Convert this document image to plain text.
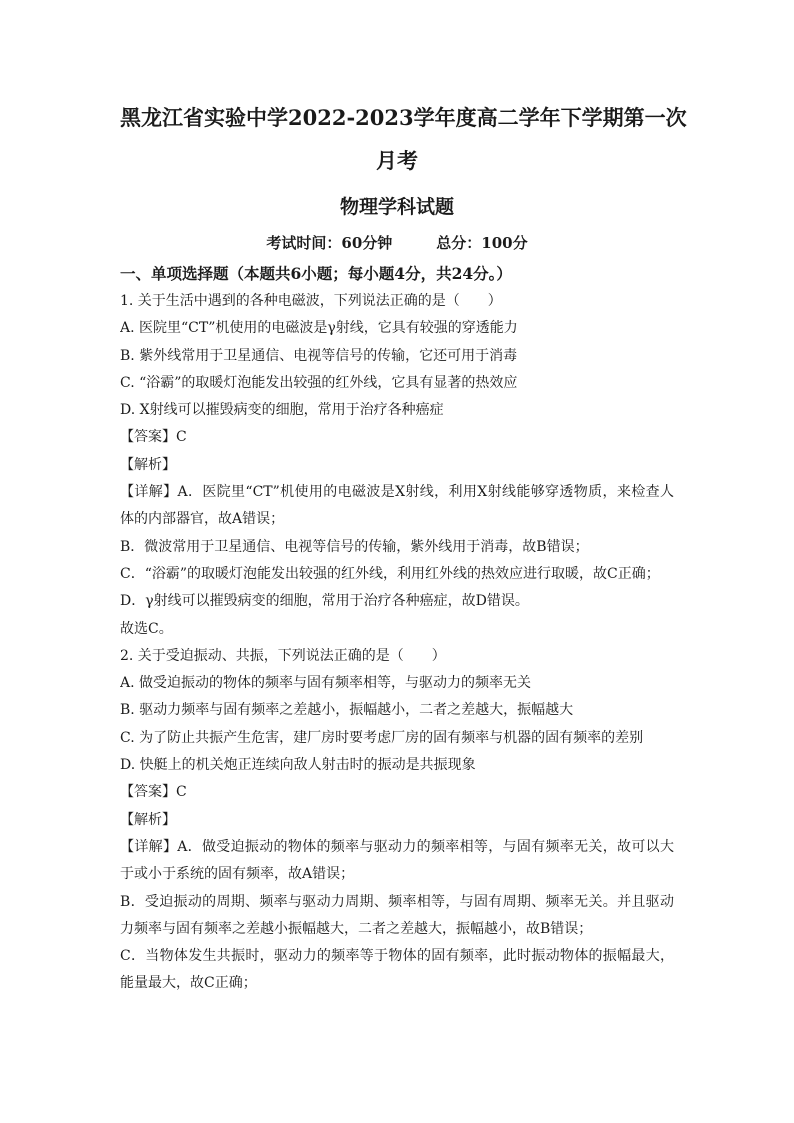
黑龙江省实验中学2022-2023学年度高二学年下学期第一次

月考

物理学科试题

考试时间：60分钟	总分：100分

一、单项选择题（本题共6小题；每小题4分，共24分。）

1. 关于生活中遇到的各种电磁波，下列说法正确的是（　　）

A. 医院里“CT”机使用的电磁波是γ射线，它具有较强的穿透能力

B. 紫外线常用于卫星通信、电视等信号的传输，它还可用于消毒

C. “浴霸”的取暖灯泡能发出较强的红外线，它具有显著的热效应

D. X射线可以摧毁病变的细胞，常用于治疗各种癌症

【答案】C

【解析】

【详解】A．医院里“CT”机使用的电磁波是X射线，利用X射线能够穿透物质，来检查人体的内部器官，故A错误；

B．微波常用于卫星通信、电视等信号的传输，紫外线用于消毒，故B错误；

C．“浴霸”的取暖灯泡能发出较强的红外线，利用红外线的热效应进行取暖，故C正确；

D．γ射线可以摧毁病变的细胞，常用于治疗各种癌症，故D错误。

故选C。

2. 关于受迫振动、共振，下列说法正确的是（　　）

A. 做受迫振动的物体的频率与固有频率相等，与驱动力的频率无关

B. 驱动力频率与固有频率之差越小，振幅越小，二者之差越大，振幅越大

C. 为了防止共振产生危害，建厂房时要考虑厂房的固有频率与机器的固有频率的差别

D. 快艇上的机关炮正连续向敌人射击时的振动是共振现象

【答案】C

【解析】

【详解】A．做受迫振动的物体的频率与驱动力的频率相等，与固有频率无关，故可以大于或小于系统的固有频率，故A错误；

B．受迫振动的周期、频率与驱动力周期、频率相等，与固有周期、频率无关。并且驱动力频率与固有频率之差越小振幅越大，二者之差越大，振幅越小，故B错误；

C．当物体发生共振时，驱动力的频率等于物体的固有频率，此时振动物体的振幅最大，能量最大，故C正确；
